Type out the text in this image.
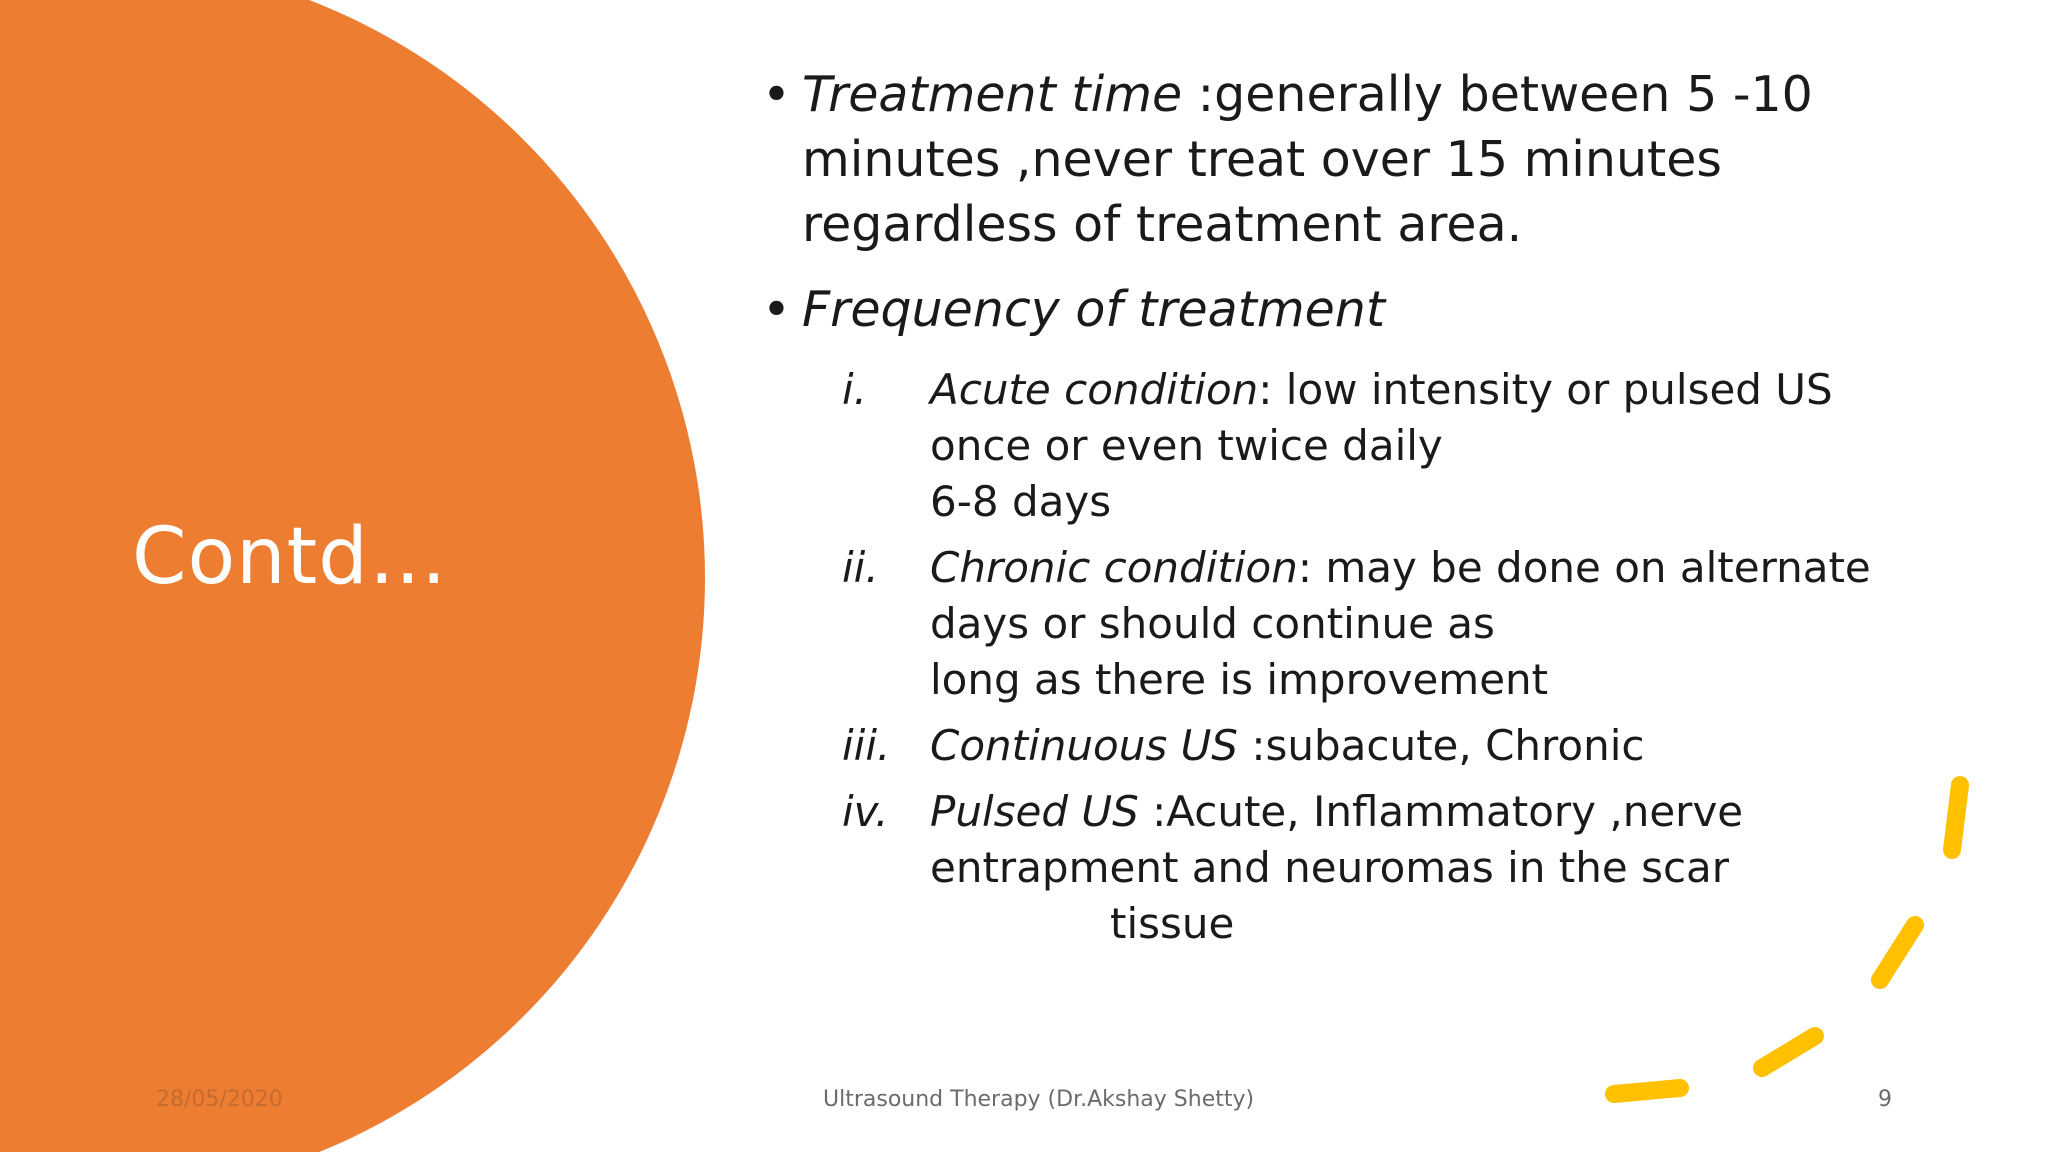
Contd…
• Treatment time :generally between 5 -10
minutes ,never treat over 15 minutes
regardless of treatment area.
• Frequency of treatment
i. Acute condition: low intensity or pulsed US
once or even twice daily
6-8 days
ii. Chronic condition: may be done on alternate
days or should continue as
long as there is improvement
iii. Continuous US :subacute, Chronic
iv. Pulsed US :Acute, Inflammatory ,nerve
entrapment and neuromas in the scar
tissue
28/05/2020	Ultrasound Therapy (Dr.Akshay Shetty)	9
